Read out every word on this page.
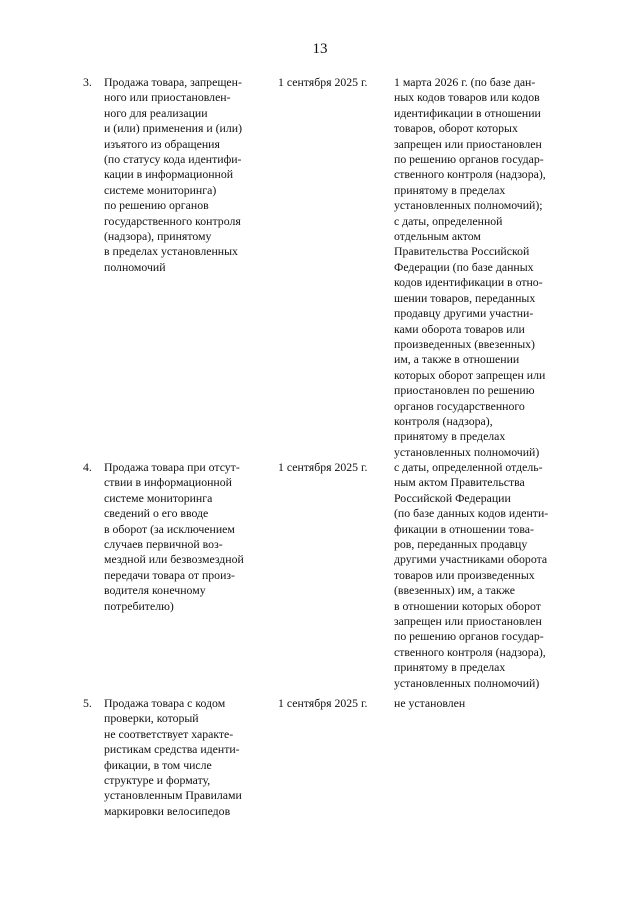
13
3. Продажа товара, запрещен-
ного или приостановлен-
ного для реализации
и (или) применения и (или)
изъятого из обращения
(по статусу кода идентифи-
кации в информационной
системе мониторинга)
по решению органов
государственного контроля
(надзора), принятому
в пределах установленных
полномочий
1 сентября 2025 г.	1 марта 2026 г. (по базе дан-
ных кодов товаров или кодов
идентификации в отношении
товаров, оборот которых
запрещен или приостановлен
по решению органов государ-
ственного контроля (надзора),
принятому в пределах
установленных полномочий);
с даты, определенной
отдельным актом
Правительства Российской
Федерации (по базе данных
кодов идентификации в отно-
шении товаров, переданных
продавцу другими участни-
ками оборота товаров или
произведенных (ввезенных)
им, а также в отношении
которых оборот запрещен или
приостановлен по решению
органов государственного
контроля (надзора),
принятому в пределах
установленных полномочий)
4. Продажа товара при отсут-
ствии в информационной
системе мониторинга
сведений о его вводе
в оборот (за исключением
случаев первичной воз-
мездной или безвозмездной
передачи товара от произ-
водителя конечному
потребителю)
1 сентября 2025 г.	с даты, определенной отдель-
ным актом Правительства
Российской Федерации
(по базе данных кодов иденти-
фикации в отношении това-
ров, переданных продавцу
другими участниками оборота
товаров или произведенных
(ввезенных) им, а также
в отношении которых оборот
запрещен или приостановлен
по решению органов государ-
ственного контроля (надзора),
принятому в пределах
установленных полномочий)
5. Продажа товара с кодом
проверки, который
не соответствует характе-
ристикам средства иденти-
фикации, в том числе
структуре и формату,
установленным Правилами
маркировки велосипедов
1 сентября 2025 г.	не установлен
